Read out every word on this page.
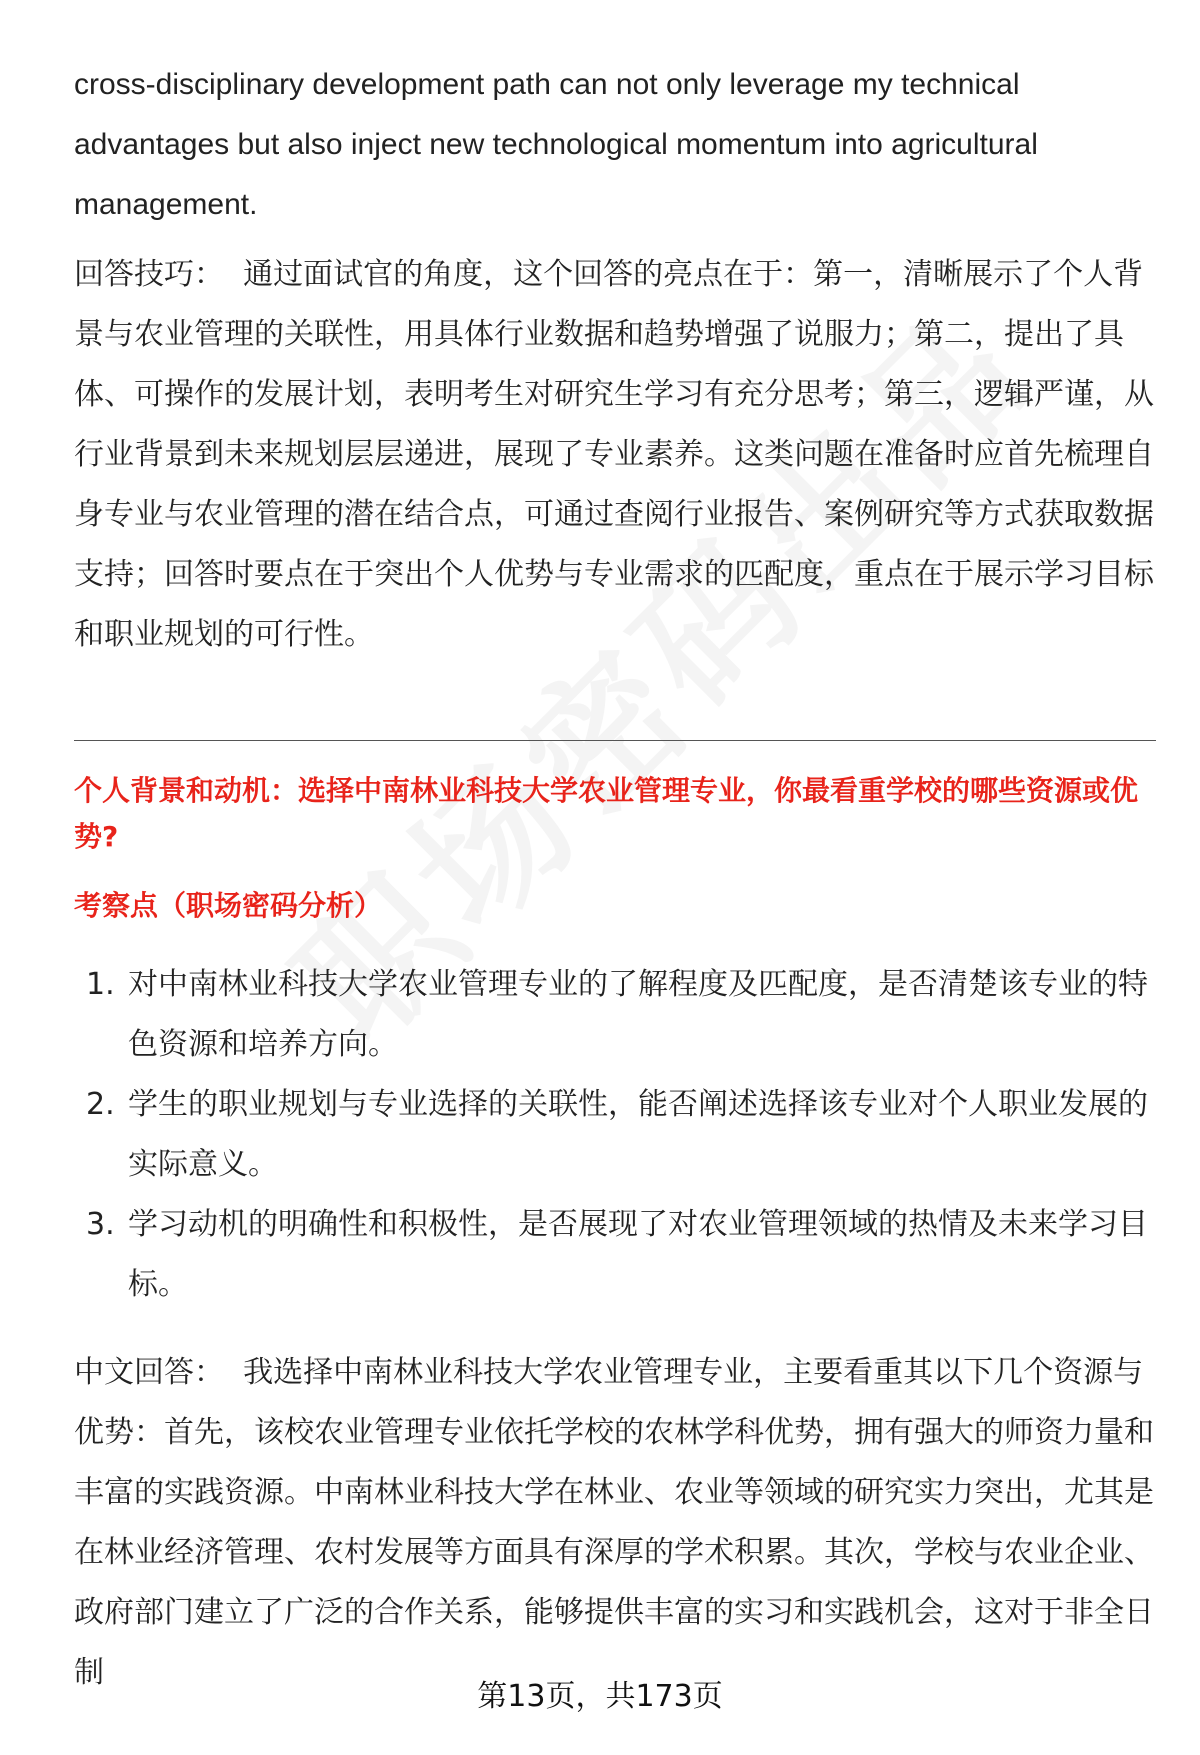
cross-disciplinary development path can not only leverage my technical advantages but also inject new technological momentum into agricultural management.

回答技巧： 通过面试官的角度，这个回答的亮点在于：第一，清晰展示了个人背景与农业管理的关联性，用具体行业数据和趋势增强了说服力；第二，提出了具体、可操作的发展计划，表明考生对研究生学习有充分思考；第三，逻辑严谨，从行业背景到未来规划层层递进，展现了专业素养。这类问题在准备时应首先梳理自身专业与农业管理的潜在结合点，可通过查阅行业报告、案例研究等方式获取数据支持；回答时要点在于突出个人优势与专业需求的匹配度，重点在于展示学习目标和职业规划的可行性。

个人背景和动机：选择中南林业科技大学农业管理专业，你最看重学校的哪些资源或优势?

考察点（职场密码分析）

1. 对中南林业科技大学农业管理专业的了解程度及匹配度，是否清楚该专业的特色资源和培养方向。
2. 学生的职业规划与专业选择的关联性，能否阐述选择该专业对个人职业发展的实际意义。
3. 学习动机的明确性和积极性，是否展现了对农业管理领域的热情及未来学习目标。

中文回答： 我选择中南林业科技大学农业管理专业，主要看重其以下几个资源与优势：首先，该校农业管理专业依托学校的农林学科优势，拥有强大的师资力量和丰富的实践资源。中南林业科技大学在林业、农业等领域的研究实力突出，尤其是在林业经济管理、农村发展等方面具有深厚的学术积累。其次，学校与农业企业、政府部门建立了广泛的合作关系，能够提供丰富的实习和实践机会，这对于非全日制

第13页，共173页
